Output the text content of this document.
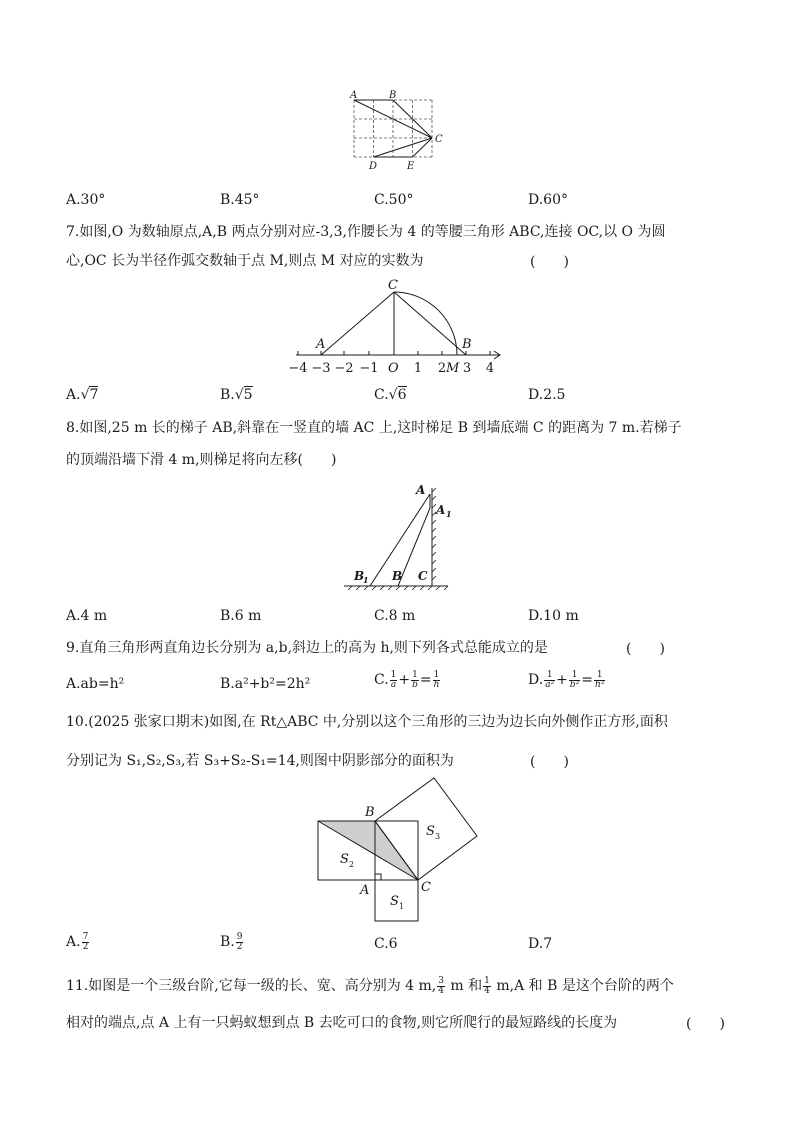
A	B
C
D	E
A.30°	B.45°	C.50°	D.60°
7.如图,O 为数轴原点,A,B 两点分别对应-3,3,作腰长为 4 的等腰三角形 ABC,连接 OC,以 O 为圆
心,OC 长为半径作弧交数轴于点 M,则点 M 对应的实数为	(　　)
A
C
B
O	M
−4 −3 −2 −1	1 2 3 4
A.√7	B.√5	C.√6	D.2.5
8.如图,25 m 长的梯子 AB,斜靠在一竖直的墙 AC 上,这时梯足 B 到墙底端 C 的距离为 7 m.若梯子
的顶端沿墙下滑 4 m,则梯足将向左移(　　)
A
A 1
B
1 B C
A.4 m	B.6 m	C.8 m	D.10 m
9.直角三角形两直角边长分别为 a,b,斜边上的高为 h,则下列各式总能成立的是	(　　)
A.ab=h²	B.a²+b²=2h²	C. $\frac{1}{a} + \frac{1}{b} = \frac{1}{h}$	D. $\frac{1}{\text{a²}} + \frac{1}{\text{b²}} = \frac{1}{\text{h²}}$
10.(2025 张家口期末)如图,在 Rt△ABC 中,分别以这个三角形的三边为边长向外侧作正方形,面积
分别记为 S₁,S₂,S₃,若 S₃+S₂-S₁=14,则图中阴影部分的面积为	(　　)
B
A	C
S
S
S
2
1
3
A. $\frac{7}{2}$	B. $\frac{9}{2}$	C.6	D.7
11.如图是一个三级台阶,它每一级的长、宽、高分别为 4 m, $\frac{3}{4}$ m 和 $\frac{1}{4} m,A$ 和 B 是这个台阶的两个
相对的端点,点 A 上有一只蚂蚁想到点 B 去吃可口的食物,则它所爬行的最短路线的长度为	(　　)
